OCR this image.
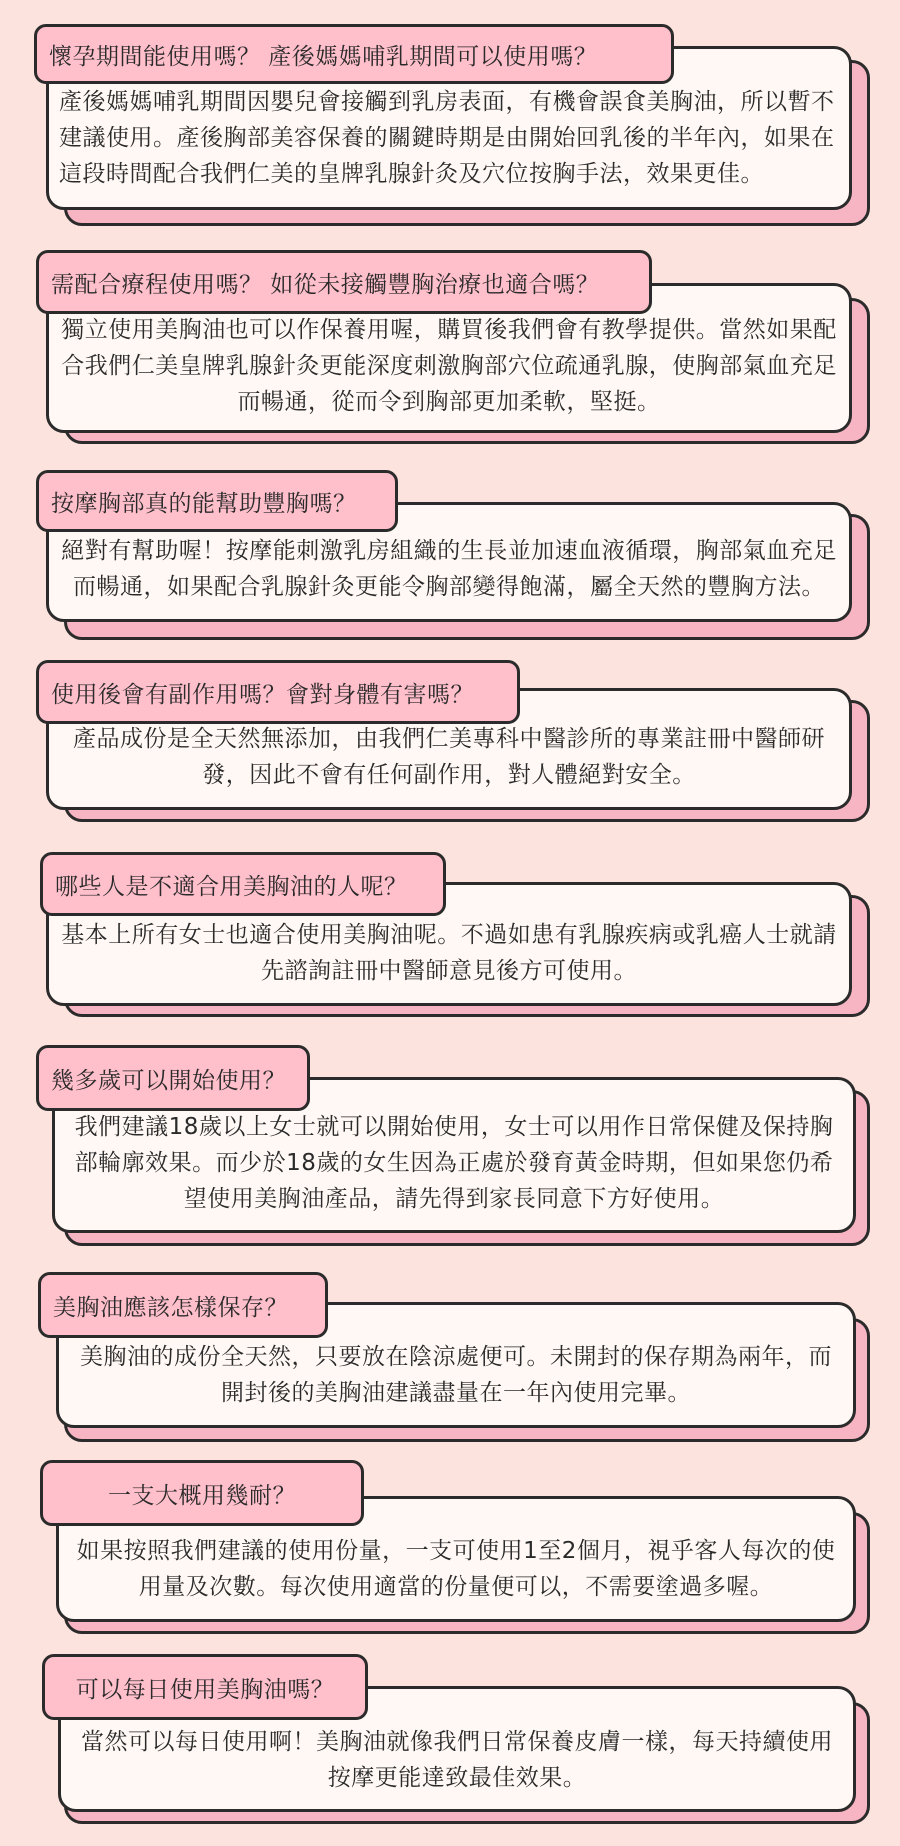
產後媽媽哺乳期間因嬰兒會接觸到乳房表面，有機會誤食美胸油，所以暫不建議使用。產後胸部美容保養的關鍵時期是由開始回乳後的半年內，如果在這段時間配合我們仁美的皇牌乳腺針灸及穴位按胸手法，效果更佳。

懷孕期間能使用嗎？ 產後媽媽哺乳期間可以使用嗎？

獨立使用美胸油也可以作保養用喔，購買後我們會有教學提供。當然如果配合我們仁美皇牌乳腺針灸更能深度刺激胸部穴位疏通乳腺，使胸部氣血充足而暢通，從而令到胸部更加柔軟，堅挺。

需配合療程使用嗎？ 如從未接觸豐胸治療也適合嗎？

絕對有幫助喔！按摩能刺激乳房組織的生長並加速血液循環，胸部氣血充足而暢通，如果配合乳腺針灸更能令胸部變得飽滿，屬全天然的豐胸方法。

按摩胸部真的能幫助豐胸嗎？

產品成份是全天然無添加，由我們仁美專科中醫診所的專業註冊中醫師研發，因此不會有任何副作用，對人體絕對安全。

使用後會有副作用嗎？會對身體有害嗎？

基本上所有女士也適合使用美胸油呢。不過如患有乳腺疾病或乳癌人士就請先諮詢註冊中醫師意見後方可使用。

哪些人是不適合用美胸油的人呢？

我們建議18歲以上女士就可以開始使用，女士可以用作日常保健及保持胸部輪廓效果。而少於18歲的女生因為正處於發育黃金時期，但如果您仍希望使用美胸油產品，請先得到家長同意下方好使用。

幾多歲可以開始使用？

美胸油的成份全天然，只要放在陰涼處便可。未開封的保存期為兩年，而開封後的美胸油建議盡量在一年內使用完畢。

美胸油應該怎樣保存？

如果按照我們建議的使用份量，一支可使用1至2個月，視乎客人每次的使用量及次數。每次使用適當的份量便可以，不需要塗過多喔。

一支大概用幾耐？

當然可以每日使用啊！美胸油就像我們日常保養皮膚一樣，每天持續使用按摩更能達致最佳效果。

可以每日使用美胸油嗎？
